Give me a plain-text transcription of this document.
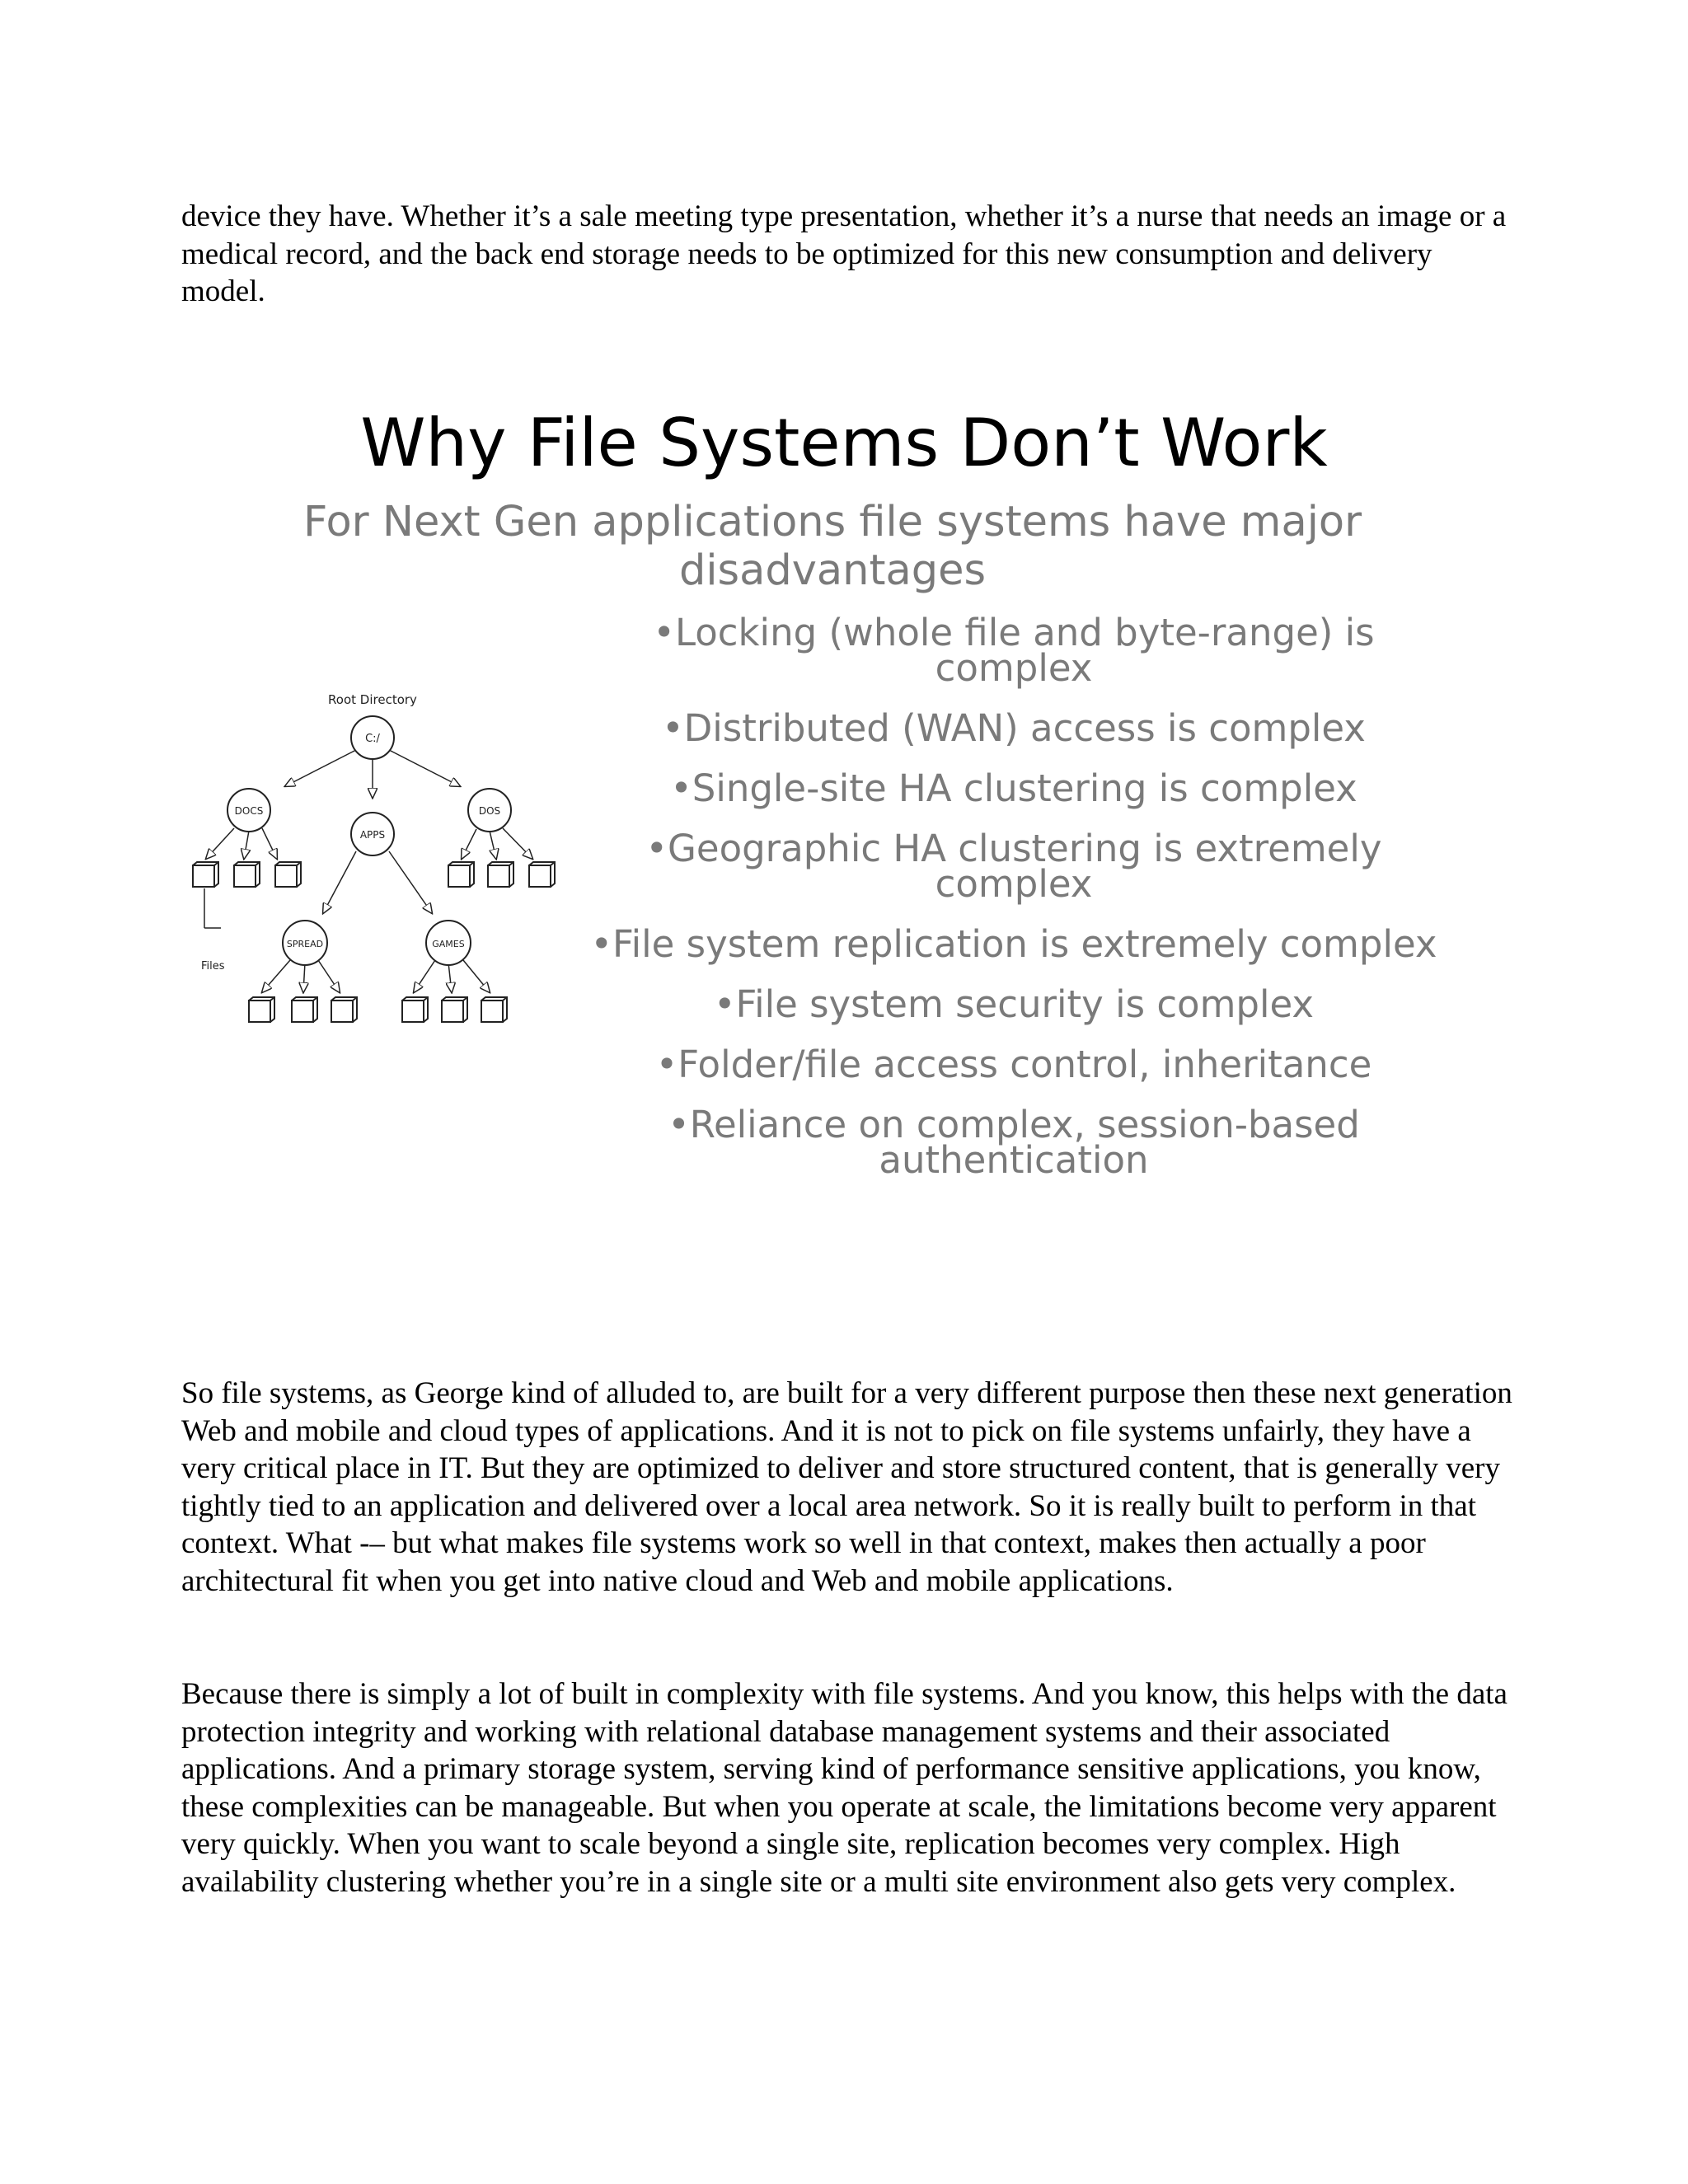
device they have. Whether it’s a sale meeting type presentation, whether it’s a nurse that needs an image or a medical record, and the back end storage needs to be optimized for this new consumption and delivery model.

Why File Systems Don’t Work

For Next Gen applications file systems have major disadvantages

C:/
Root Directory
DOCS
APPS
DOS
SPREAD	GAMES
Files
•Locking (whole file and byte-range) is complex
•Distributed (WAN) access is complex
•Single-site HA clustering is complex
•Geographic HA clustering is extremely complex
•File system replication is extremely complex
•File system security is complex
•Folder/file access control, inheritance
•Reliance on complex, session-based authentication

So file systems, as George kind of alluded to, are built for a very different purpose then these next generation Web and mobile and cloud types of applications. And it is not to pick on file systems unfairly, they have a very critical place in IT. But they are optimized to deliver and store structured content, that is generally very tightly tied to an application and delivered over a local area network. So it is really built to perform in that context. What -– but what makes file systems work so well in that context, makes then actually a poor architectural fit when you get into native cloud and Web and mobile applications.

Because there is simply a lot of built in complexity with file systems. And you know, this helps with the data protection integrity and working with relational database management systems and their associated applications. And a primary storage system, serving kind of performance sensitive applications, you know, these complexities can be manageable. But when you operate at scale, the limitations become very apparent very quickly. When you want to scale beyond a single site, replication becomes very complex. High availability clustering whether you’re in a single site or a multi site environment also gets very complex.
